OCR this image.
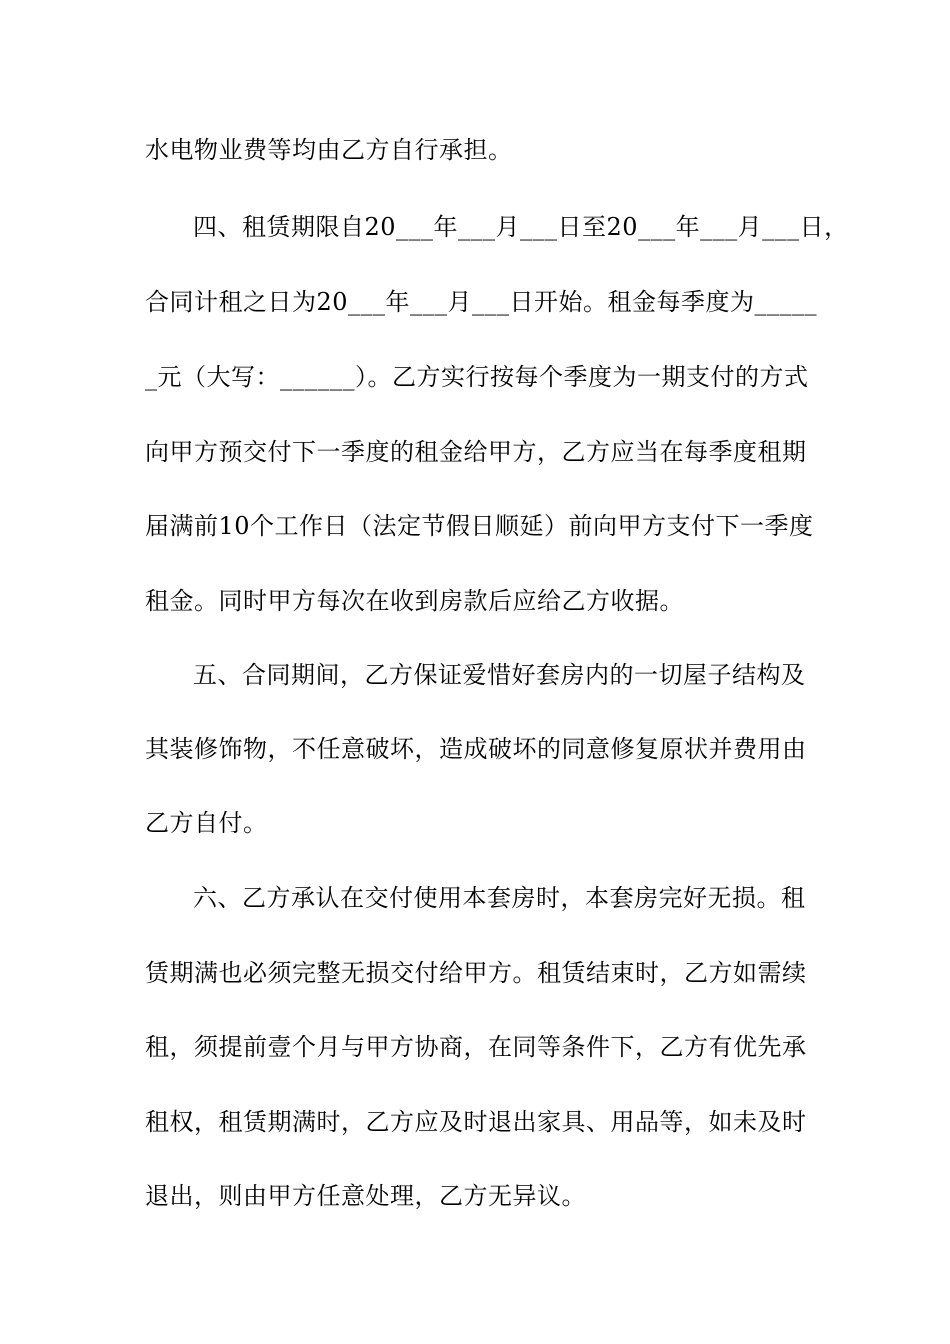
水电物业费等均由乙方自行承担。
四、租赁期限自20___年___月___日至20___年___月___日，
合同计租之日为20___年___月___日开始。租金每季度为_____
_元（大写：______）。乙方实行按每个季度为一期支付的方式
向甲方预交付下一季度的租金给甲方，乙方应当在每季度租期
届满前10个工作日（法定节假日顺延）前向甲方支付下一季度
租金。同时甲方每次在收到房款后应给乙方收据。
五、合同期间，乙方保证爱惜好套房内的一切屋子结构及
其装修饰物，不任意破坏，造成破坏的同意修复原状并费用由
乙方自付。
六、乙方承认在交付使用本套房时，本套房完好无损。租
赁期满也必须完整无损交付给甲方。租赁结束时，乙方如需续
租，须提前壹个月与甲方协商，在同等条件下，乙方有优先承
租权，租赁期满时，乙方应及时退出家具、用品等，如未及时
退出，则由甲方任意处理，乙方无异议。
